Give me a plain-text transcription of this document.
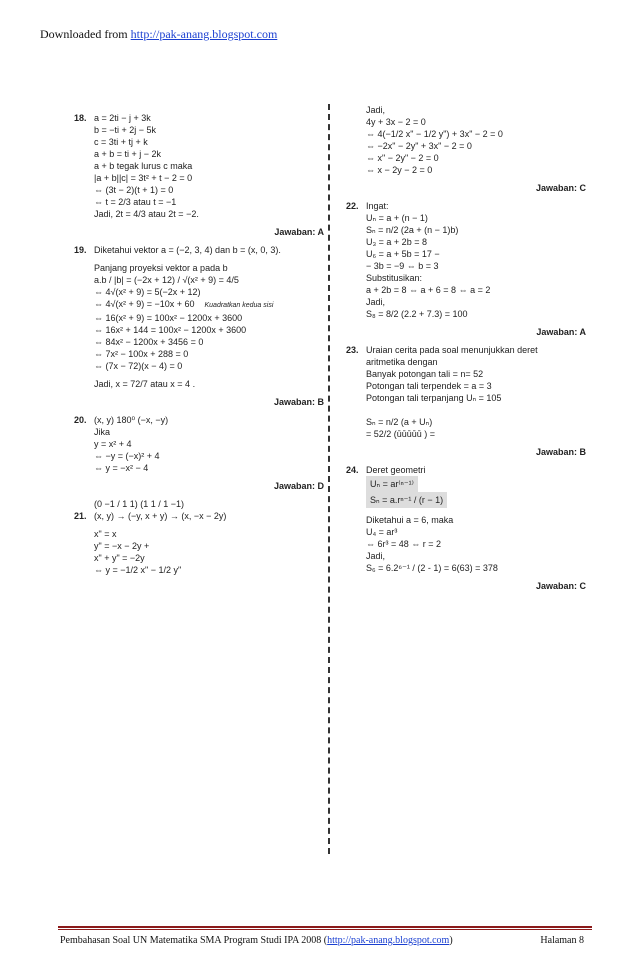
Downloaded from http://pak-anang.blogspot.com
18. a = 2ti − j + 3k
b = −ti + 2j − 5k
c = 3ti + tj + k
a + b = ti + j − 2k
a + b tegak lurus c maka
|a + b||c| = 3t² + t − 2 = 0
⇔ (3t − 2)(t + 1) = 0
⇔ t = 2/3 atau t = −1
Jadi, 2t = 4/3 atau 2t = −2.
Jawaban: A
19. Diketahui vektor a = (−2, 3, 4) dan b = (x, 0, 3).
Panjang proyeksi vektor a pada b
a.b / |b| = (−2x + 12) / √(x² + 9) = 4/5
⇔ 4√(x² + 9) = 5(−2x + 12)
⇔ 4√(x² + 9) = −10x + 60 Kuadratkan kedua sisi
⇔ 16(x² + 9) = 100x² − 1200x + 3600
⇔ 16x² + 144 = 100x² − 1200x + 3600
⇔ 84x² − 1200x + 3456 = 0
⇔ 7x² − 100x + 288 = 0
⇔ (7x − 72)(x − 4) = 0
Jadi, x = 72/7 atau x = 4 .
Jawaban: B
20. (x, y) 180⁰ (−x, −y)
Jika
y = x² + 4
⇔ −y = (−x)² + 4
⇔ y = −x² − 4
Jawaban: D
(0 −1 / 1 1) (1 1 / 1 −1)
21. (x, y) → (−y, x + y) → (x, −x − 2y)
x" = x
y" = −x − 2y +
x" + y" = −2y
⇔ y = −1/2 x" − 1/2 y"
Jadi,
4y + 3x − 2 = 0
⇔ 4(−1/2 x" − 1/2 y") + 3x" − 2 = 0
⇔ −2x" − 2y" + 3x" − 2 = 0
⇔ x" − 2y" − 2 = 0
⇔ x − 2y − 2 = 0
Jawaban: C
22. Ingat:
Uₙ = a + (n − 1)
Sₙ = n/2 (2a + (n − 1)b)
U₃ = a + 2b = 8
U₆ = a + 5b = 17 −
− 3b = −9 ⇔ b = 3
Substitusikan:
a + 2b = 8 ⇔ a + 6 = 8 ⇔ a = 2
Jadi,
S₈ = 8/2 (2.2 + 7.3) = 100
Jawaban: A
23. Uraian cerita pada soal menunjukkan deret
aritmetika dengan
Banyak potongan tali = n= 52
Potongan tali terpendek = a = 3
Potongan tali terpanjang Uₙ = 105
Sₙ = n/2 (a + Uₙ)
= 52/2 (ūūūūū ) =
Jawaban: B
24. Deret geometri
Uₙ = ar⁽ⁿ⁻¹⁾
Sₙ = a.rⁿ⁻¹ / (r − 1)
Diketahui a = 6, maka
U₄ = ar³
⇔ 6r³ = 48 ⇔ r = 2
Jadi,
S₆ = 6.2⁶⁻¹ / (2 - 1) = 6(63) = 378
Jawaban: C
Pembahasan Soal UN Matematika SMA Program Studi IPA 2008 (http://pak-anang.blogspot.com)	Halaman 8
